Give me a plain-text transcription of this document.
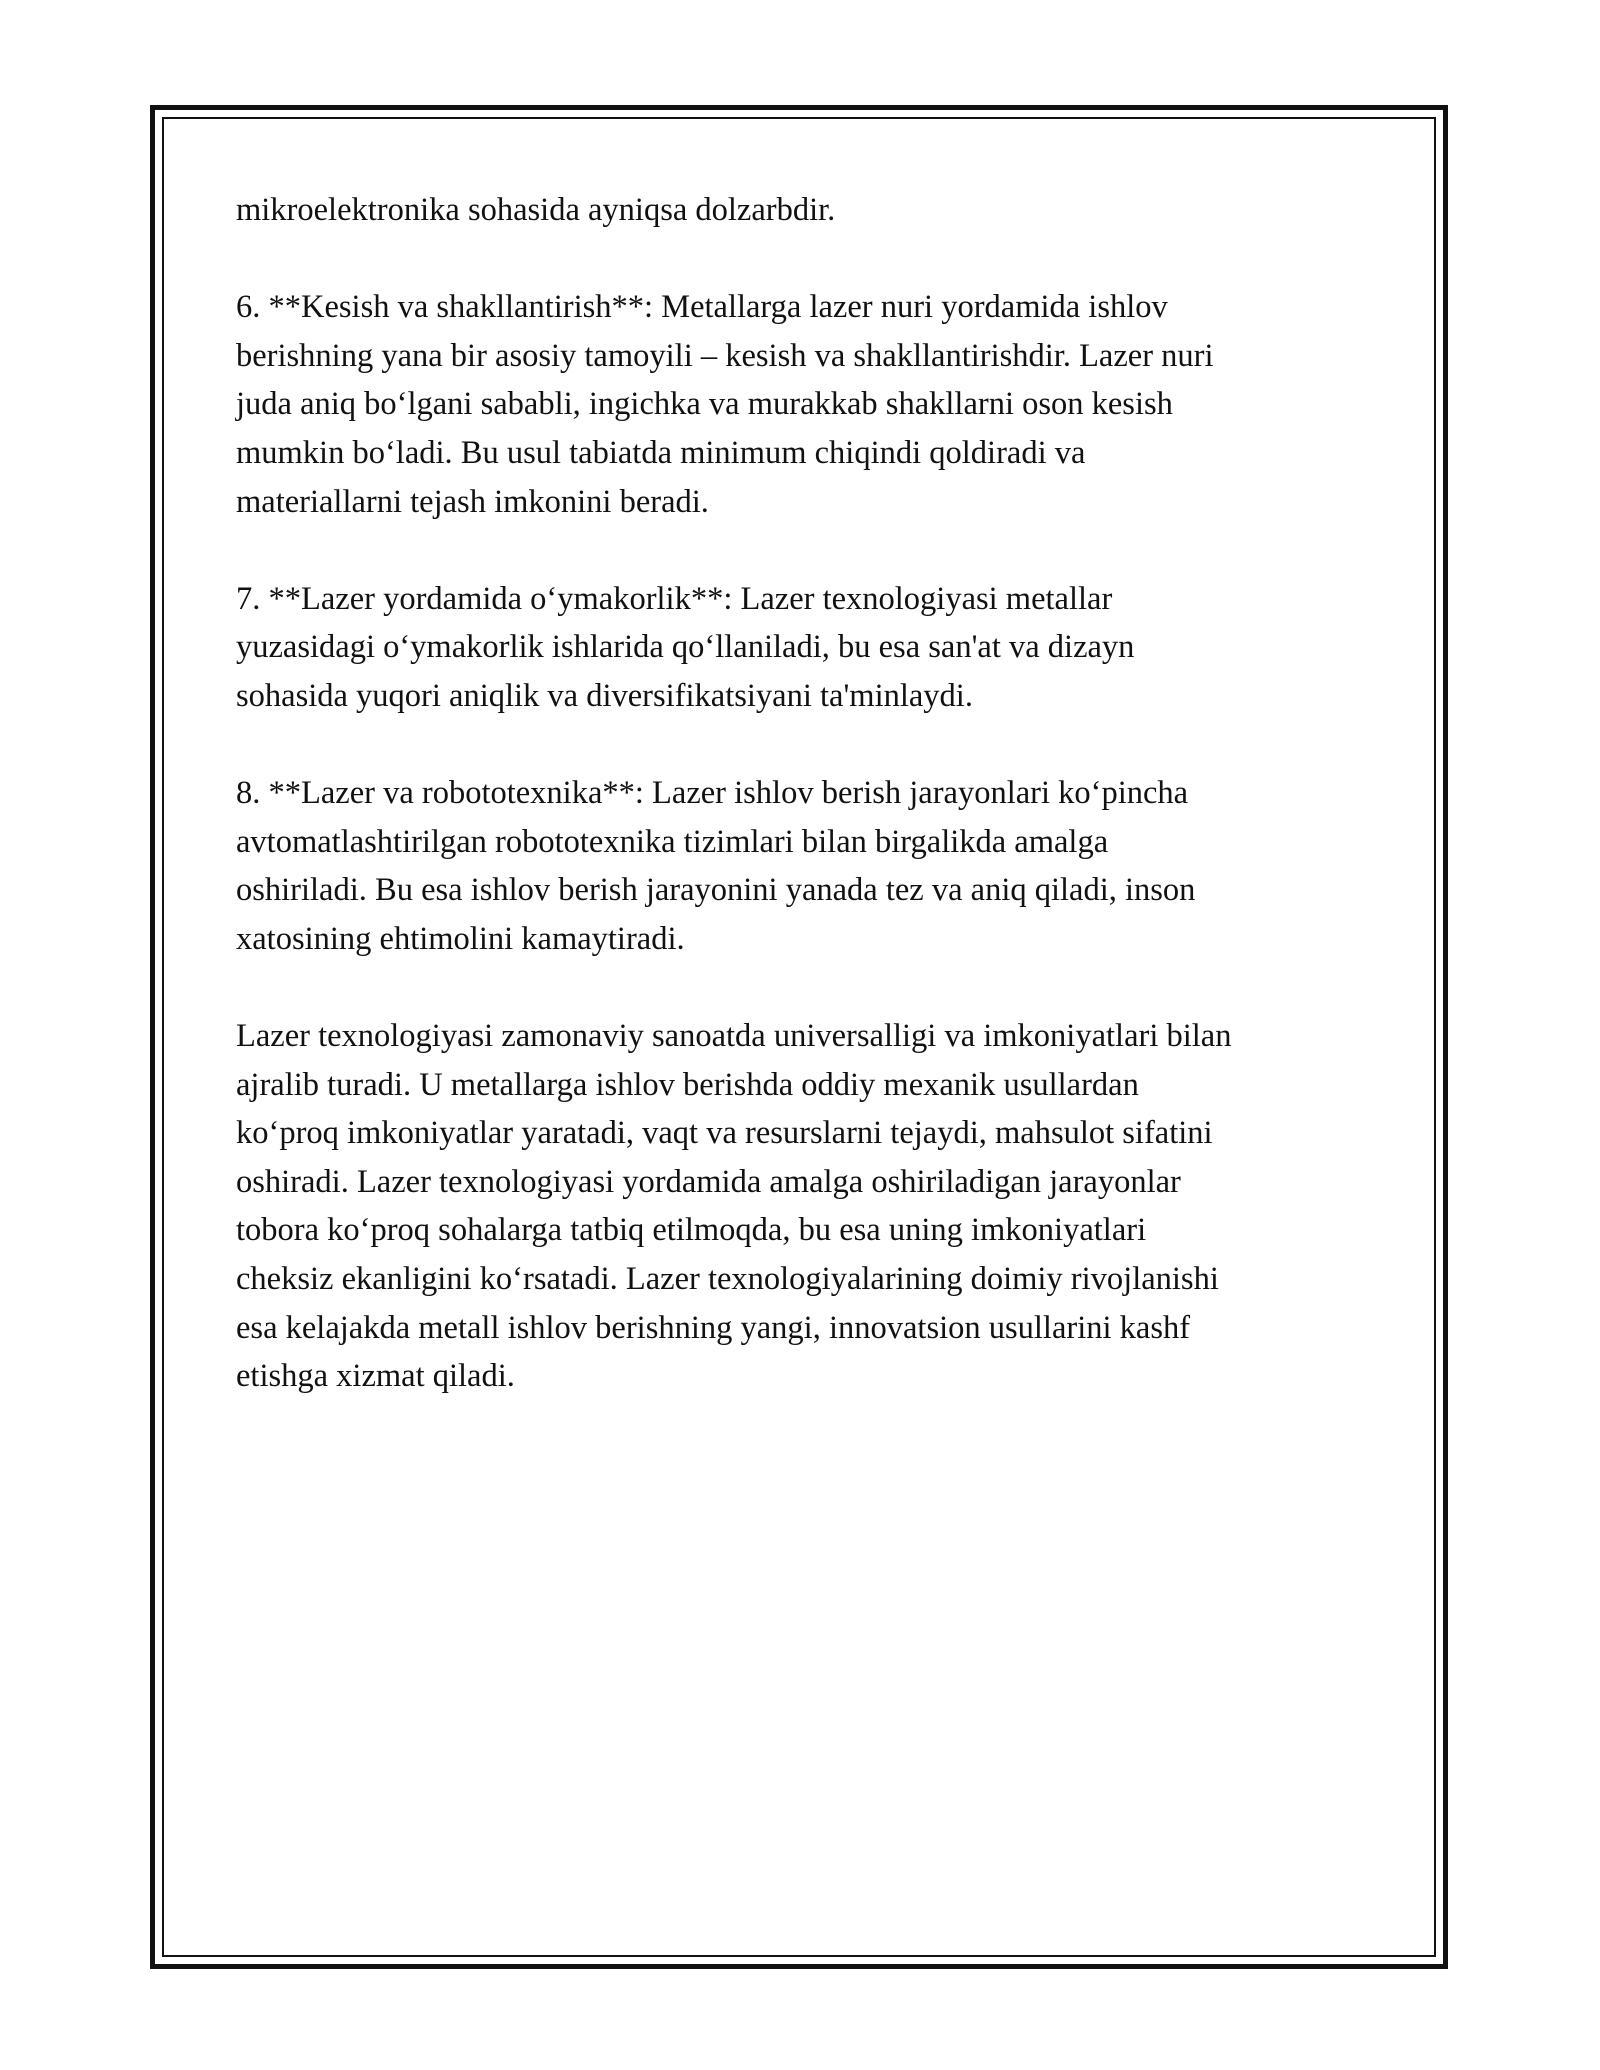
mikroelektronika sohasida ayniqsa dolzarbdir.

6. **Kesish va shakllantirish**: Metallarga lazer nuri yordamida ishlov
berishning yana bir asosiy tamoyili – kesish va shakllantirishdir. Lazer nuri
juda aniq bo‘lgani sababli, ingichka va murakkab shakllarni oson kesish
mumkin bo‘ladi. Bu usul tabiatda minimum chiqindi qoldiradi va
materiallarni tejash imkonini beradi.

7. **Lazer yordamida o‘ymakorlik**: Lazer texnologiyasi metallar
yuzasidagi o‘ymakorlik ishlarida qo‘llaniladi, bu esa san'at va dizayn
sohasida yuqori aniqlik va diversifikatsiyani ta'minlaydi.

8. **Lazer va robototexnika**: Lazer ishlov berish jarayonlari ko‘pincha
avtomatlashtirilgan robototexnika tizimlari bilan birgalikda amalga
oshiriladi. Bu esa ishlov berish jarayonini yanada tez va aniq qiladi, inson
xatosining ehtimolini kamaytiradi.

Lazer texnologiyasi zamonaviy sanoatda universalligi va imkoniyatlari bilan
ajralib turadi. U metallarga ishlov berishda oddiy mexanik usullardan
ko‘proq imkoniyatlar yaratadi, vaqt va resurslarni tejaydi, mahsulot sifatini
oshiradi. Lazer texnologiyasi yordamida amalga oshiriladigan jarayonlar
tobora ko‘proq sohalarga tatbiq etilmoqda, bu esa uning imkoniyatlari
cheksiz ekanligini ko‘rsatadi. Lazer texnologiyalarining doimiy rivojlanishi
esa kelajakda metall ishlov berishning yangi, innovatsion usullarini kashf
etishga xizmat qiladi.
